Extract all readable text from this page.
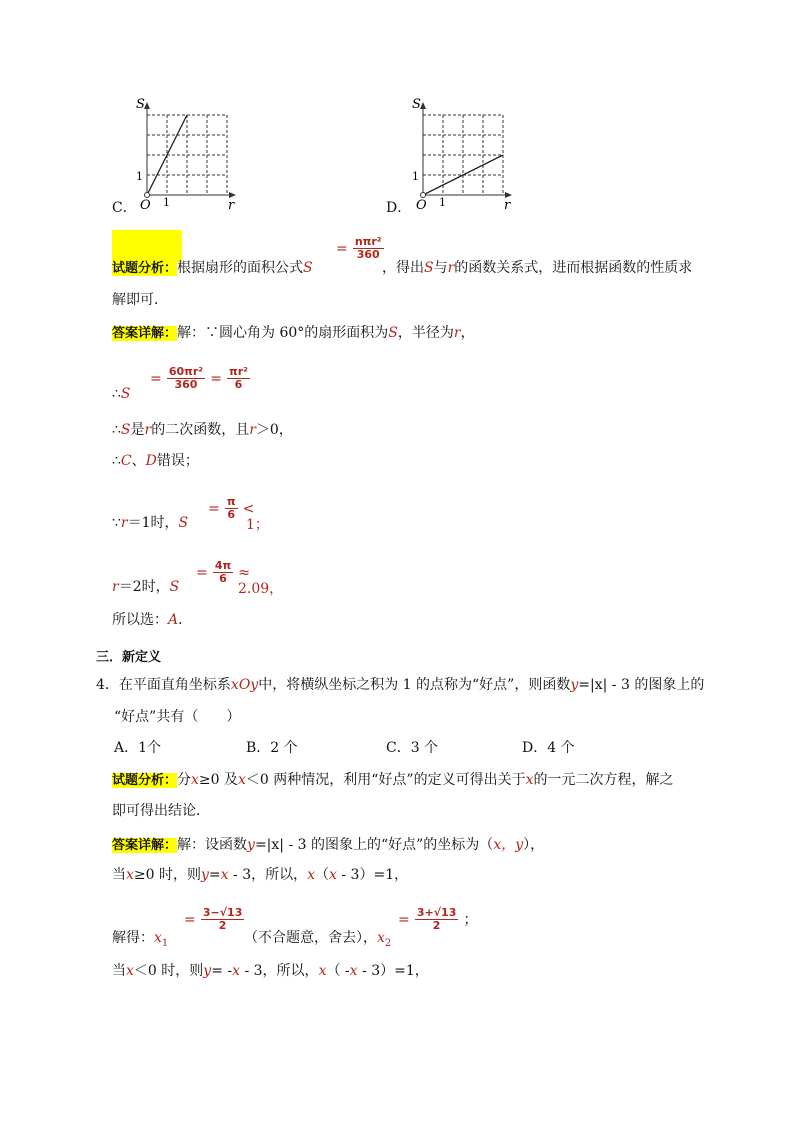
S
r
O 1
1
C．
S
r
O 1
1
D．
试题分析：根据扇形的面积公式S
= $\frac{\text{nπr²}}{360}$
，得出S与r的函数关系式，进而根据函数的性质求
解即可．
答案详解：解：∵圆心角为 60°的扇形面积为S，半径为r，
∴S
= $\frac{\text{60πr²}}{360} = \frac{\text{πr²}}{6}$
∴S是r的二次函数，且r＞0，
∴C、D错误；
∵r＝1时，S
= $\frac{\pi}{6}$ <
1；
r＝2时，S
= $\frac{4\pi}{6}$ ≈
2.09，
所以选：A．
三．新定义
4．在平面直角坐标系xOy中，将横纵坐标之积为 1 的点称为“好点”，则函数y=|x| - 3 的图象上的
“好点”共有（　　）
A．1个	B．2 个	C．3 个	D．4 个
试题分析：分x≥0 及x＜0 两种情况，利用“好点”的定义可得出关于x的一元二次方程，解之
即可得出结论．
答案详解：解：设函数y=|x| - 3 的图象上的“好点”的坐标为（x，y），
当x≥0 时，则y=x - 3，所以，x（x - 3）=1，
解得：$x_1$
= $\frac{3-√13}{2}$
（不合题意，舍去），$x_2$
= $\frac{3+√13}{2}$ ；
当x＜0 时，则y= -x - 3，所以，x（ -x - 3）=1，
